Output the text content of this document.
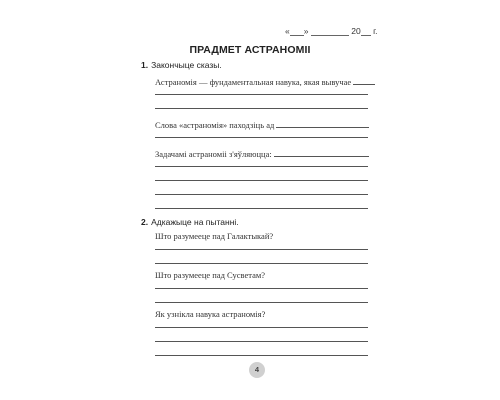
« »	20 г.
ПРАДМЕТ АСТРАНОМІІ
1. Закончыце сказы.
Астраномія — фундаментальная навука, якая вывучае
Слова «астраномія» паходзіць ад
Задачамі астраноміі з'яўляюцца:
2. Адкажыце на пытанні.
Што разумееце пад Галактыкай?
Што разумееце пад Сусветам?
Як узнікла навука астраномія?
4
